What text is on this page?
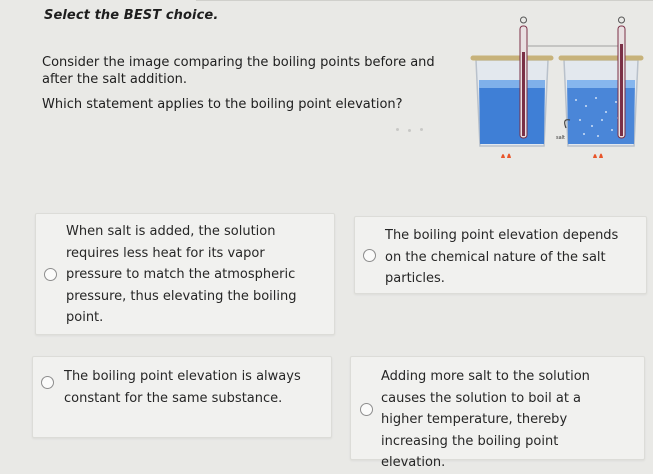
Select the BEST choice.
Consider the image comparing the boiling points before and after the salt addition.
Which statement applies to the boiling point elevation?
salt
When salt is added, the solution requires less heat for its vapor pressure to match the atmospheric pressure, thus elevating the boiling point.
The boiling point elevation depends on the chemical nature of the salt particles.
The boiling point elevation is always constant for the same substance.
Adding more salt to the solution causes the solution to boil at a higher temperature, thereby increasing the boiling point elevation.
